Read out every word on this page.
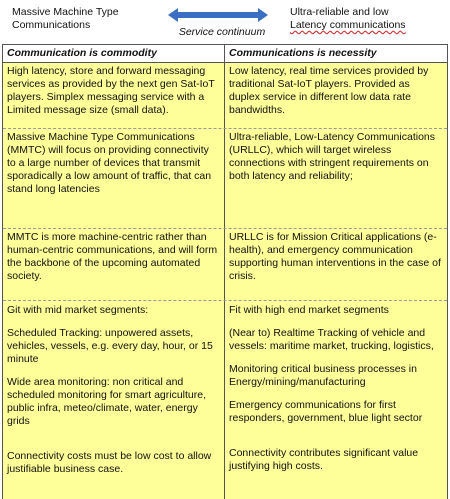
Massive Machine Type
Communications
Service continuum
Ultra-reliable and low
Latency communications
Communication is commodity	Communications is necessity
High latency, store and forward messaging services as provided by the next gen Sat-IoT players. Simplex messaging service with a Limited message size (small data).
Low latency, real time services provided by traditional Sat-IoT players. Provided as duplex service in different low data rate bandwidths.
Massive Machine Type Communications (MMTC) will focus on providing connectivity to a large number of devices that transmit sporadically a low amount of traffic, that can stand long latencies
Ultra-reliable, Low-Latency Communications (URLLC), which will target wireless connections with stringent requirements on both latency and reliability;
MMTC is more machine-centric rather than human-centric communications, and will form the backbone of the upcoming automated society.
URLLC is for Mission Critical applications (e-health), and emergency communication supporting human interventions in the case of crisis.

Git with mid market segments:

Scheduled Tracking: unpowered assets, vehicles, vessels, e.g. every day, hour, or 15 minute

Wide area monitoring: non critical and scheduled monitoring for smart agriculture, public infra, meteo/climate, water, energy grids

Connectivity costs must be low cost to allow justifiable business case.

Fit with high end market segments

(Near to) Realtime Tracking of vehicle and vessels: maritime market, trucking, logistics,

Monitoring critical business processes in Energy/mining/manufacturing

Emergency communications for first responders, government, blue light sector

Connectivity contributes significant value justifying high costs.
